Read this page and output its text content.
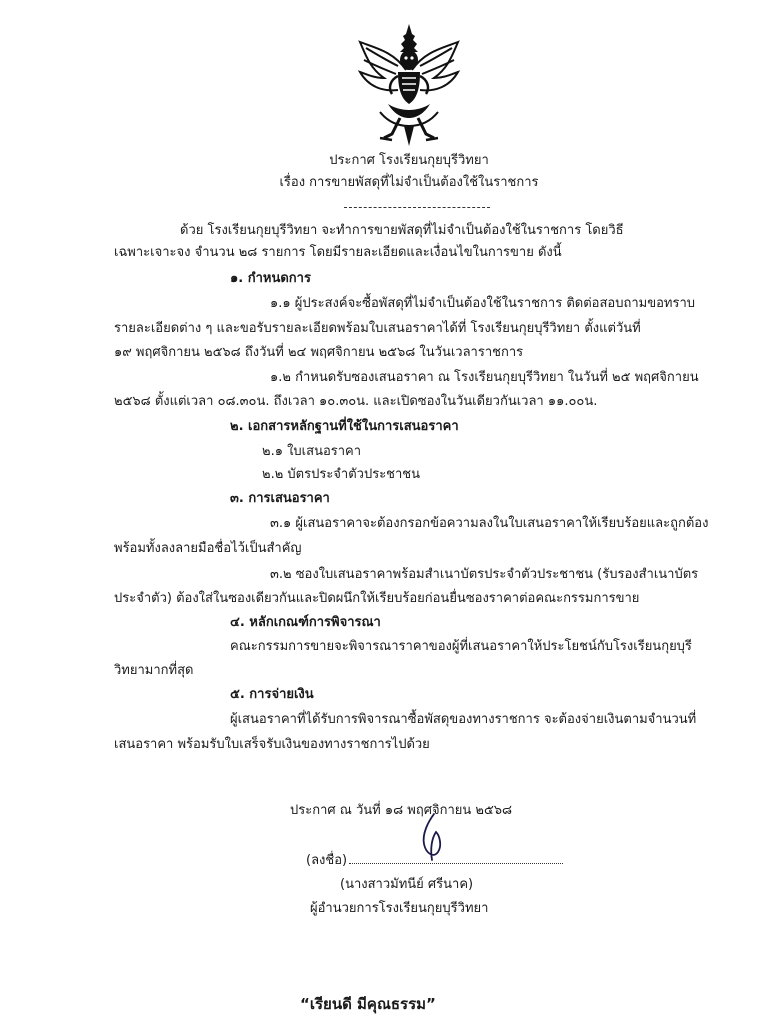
ประกาศ โรงเรียนกุยบุรีวิทยา
เรื่อง การขายพัสดุที่ไม่จำเป็นต้องใช้ในราชการ
ด้วย โรงเรียนกุยบุรีวิทยา จะทำการขายพัสดุที่ไม่จำเป็นต้องใช้ในราชการ โดยวิธี
เฉพาะเจาะจง จำนวน ๒๘ รายการ โดยมีรายละเอียดและเงื่อนไขในการขาย ดังนี้
๑. กำหนดการ
๑.๑ ผู้ประสงค์จะซื้อพัสดุที่ไม่จำเป็นต้องใช้ในราชการ ติดต่อสอบถามขอทราบ
รายละเอียดต่าง ๆ และขอรับรายละเอียดพร้อมใบเสนอราคาได้ที่ โรงเรียนกุยบุรีวิทยา ตั้งแต่วันที่
๑๙ พฤศจิกายน ๒๕๖๘ ถึงวันที่ ๒๔ พฤศจิกายน ๒๕๖๘ ในวันเวลาราชการ
๑.๒ กำหนดรับซองเสนอราคา ณ โรงเรียนกุยบุรีวิทยา ในวันที่ ๒๕ พฤศจิกายน
๒๕๖๘ ตั้งแต่เวลา ๐๘.๓๐น. ถึงเวลา ๑๐.๓๐น. และเปิดซองในวันเดียวกันเวลา ๑๑.๐๐น.
๒. เอกสารหลักฐานที่ใช้ในการเสนอราคา
๒.๑ ใบเสนอราคา
๒.๒ บัตรประจำตัวประชาชน
๓. การเสนอราคา
๓.๑ ผู้เสนอราคาจะต้องกรอกข้อความลงในใบเสนอราคาให้เรียบร้อยและถูกต้อง
พร้อมทั้งลงลายมือชื่อไว้เป็นสำคัญ
๓.๒ ซองใบเสนอราคาพร้อมสำเนาบัตรประจำตัวประชาชน (รับรองสำเนาบัตร
ประจำตัว) ต้องใส่ในซองเดียวกันและปิดผนึกให้เรียบร้อยก่อนยื่นซองราคาต่อคณะกรรมการขาย
๔. หลักเกณฑ์การพิจารณา
คณะกรรมการขายจะพิจารณาราคาของผู้ที่เสนอราคาให้ประโยชน์กับโรงเรียนกุยบุรี
วิทยามากที่สุด
๕. การจ่ายเงิน
ผู้เสนอราคาที่ได้รับการพิจารณาซื้อพัสดุของทางราชการ จะต้องจ่ายเงินตามจำนวนที่
เสนอราคา พร้อมรับใบเสร็จรับเงินของทางราชการไปด้วย
ประกาศ ณ วันที่ ๑๘ พฤศจิกายน ๒๕๖๘
(ลงชื่อ)
(นางสาวมัทนีย์ ศรีนาค)
ผู้อำนวยการโรงเรียนกุยบุรีวิทยา
“เรียนดี มีคุณธรรม”
